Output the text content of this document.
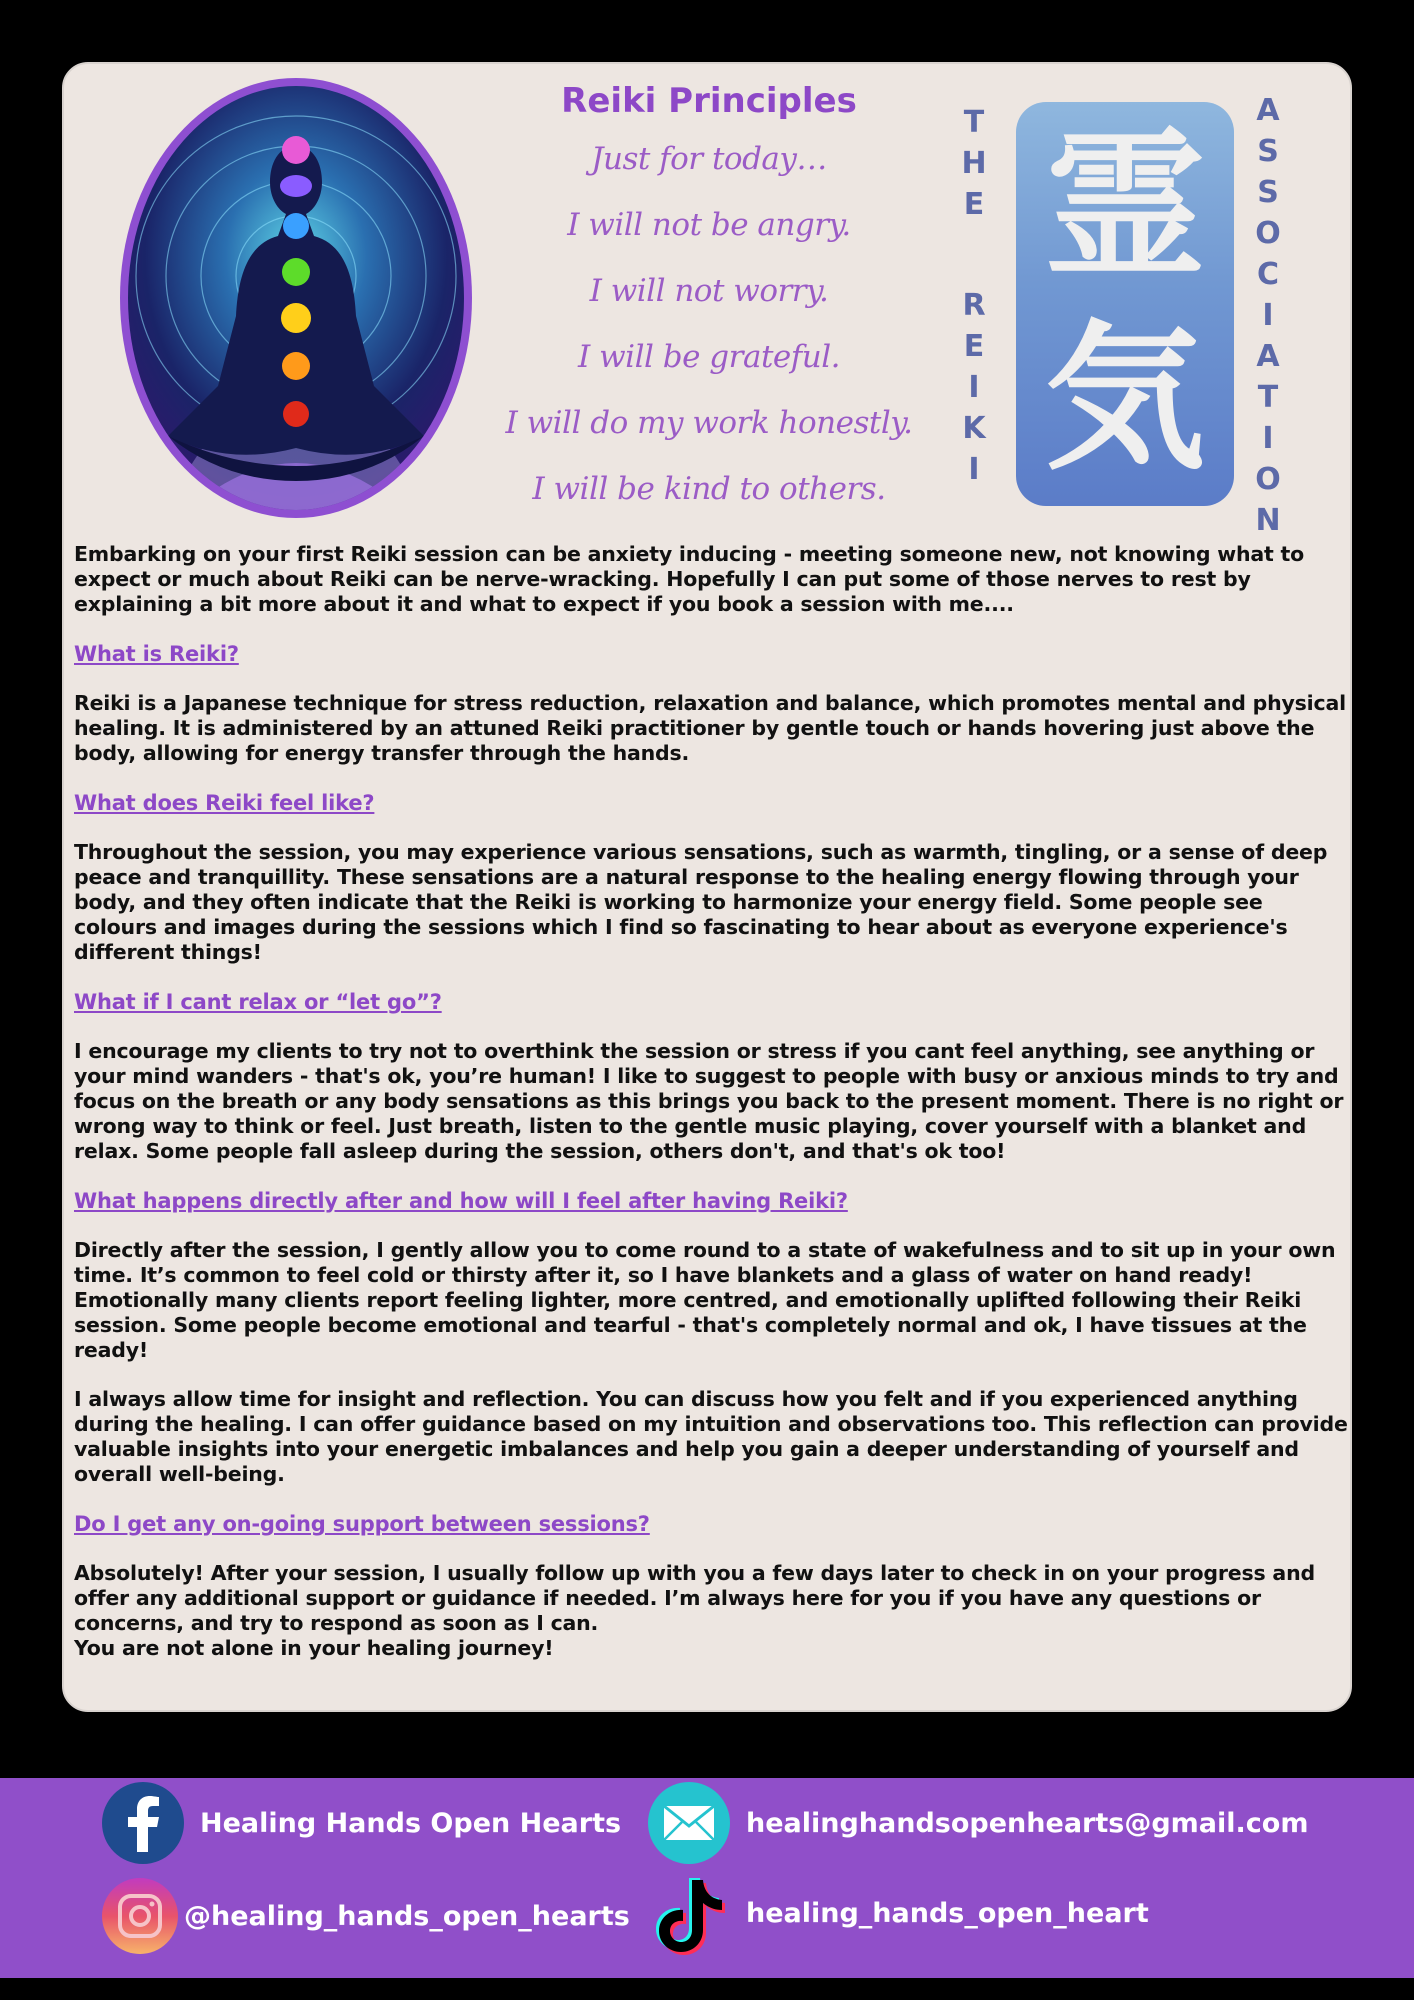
Reiki Principles
Just for today…
I will not be angry.
I will not worry.
I will be grateful.
I will do my work honestly.
I will be kind to others.
T
H
E
R
E
I
K
I
霊
気
A
S
S
O
C
I
A
T
I
O
N

Embarking on your first Reiki session can be anxiety inducing - meeting someone new, not knowing what to expect or much about Reiki can be nerve-wracking. Hopefully I can put some of those nerves to rest by explaining a bit more about it and what to expect if you book a session with me....

What is Reiki?

Reiki is a Japanese technique for stress reduction, relaxation and balance, which promotes mental and physical healing. It is administered by an attuned Reiki practitioner by gentle touch or hands hovering just above the body, allowing for energy transfer through the hands.

What does Reiki feel like?

Throughout the session, you may experience various sensations, such as warmth, tingling, or a sense of deep peace and tranquillity. These sensations are a natural response to the healing energy flowing through your body, and they often indicate that the Reiki is working to harmonize your energy field. Some people see colours and images during the sessions which I find so fascinating to hear about as everyone experience's different things!

What if I cant relax or “let go”?

I encourage my clients to try not to overthink the session or stress if you cant feel anything, see anything or your mind wanders - that's ok, you’re human! I like to suggest to people with busy or anxious minds to try and focus on the breath or any body sensations as this brings you back to the present moment. There is no right or wrong way to think or feel. Just breath, listen to the gentle music playing, cover yourself with a blanket and relax. Some people fall asleep during the session, others don't, and that's ok too!

What happens directly after and how will I feel after having Reiki?

Directly after the session, I gently allow you to come round to a state of wakefulness and to sit up in your own time. It’s common to feel cold or thirsty after it, so I have blankets and a glass of water on hand ready! Emotionally many clients report feeling lighter, more centred, and emotionally uplifted following their Reiki session. Some people become emotional and tearful - that's completely normal and ok, I have tissues at the ready!

I always allow time for insight and reflection. You can discuss how you felt and if you experienced anything during the healing. I can offer guidance based on my intuition and observations too. This reflection can provide valuable insights into your energetic imbalances and help you gain a deeper understanding of yourself and overall well-being.

Do I get any on-going support between sessions?

Absolutely! After your session, I usually follow up with you a few days later to check in on your progress and offer any additional support or guidance if needed. I’m always here for you if you have any questions or concerns, and try to respond as soon as I can.

You are not alone in your healing journey!

Healing Hands Open Hearts	healinghandsopenhearts@gmail.com
@healing_hands_open_hearts	healing_hands_open_heart
